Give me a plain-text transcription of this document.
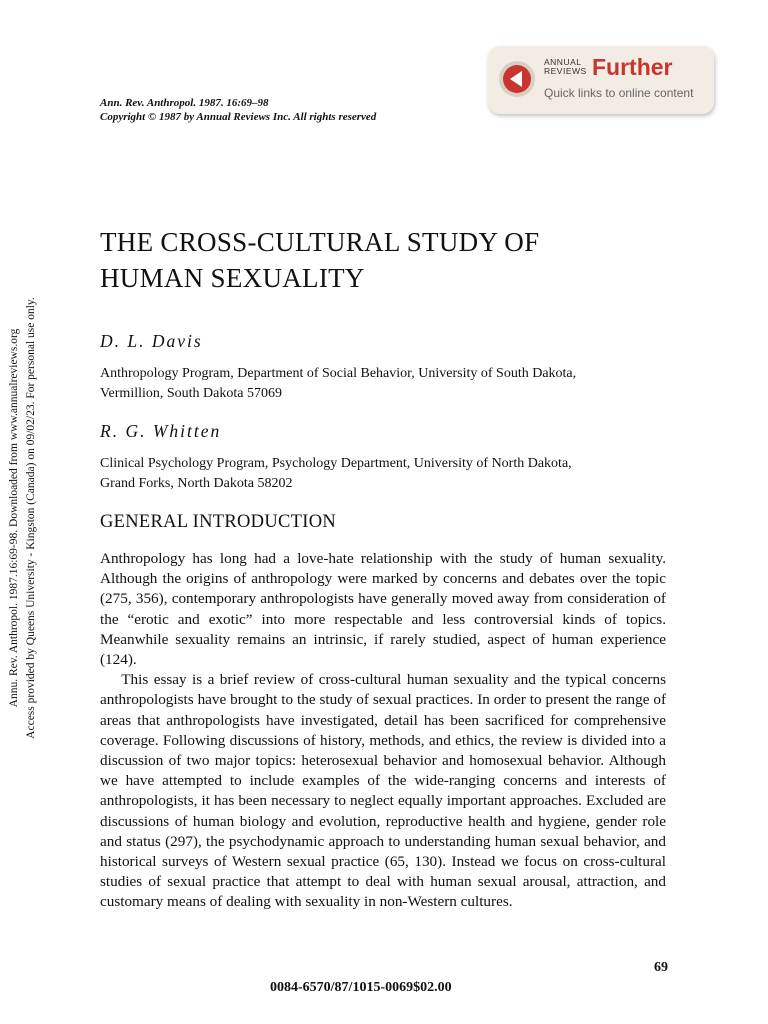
Annu. Rev. Anthropol. 1987.16:69-98. Downloaded from www.annualreviews.org Access provided by Queens University - Kingston (Canada) on 09/02/23. For personal use only.
Ann. Rev. Anthropol. 1987. 16:69–98
Copyright © 1987 by Annual Reviews Inc. All rights reserved
ANNUAL
REVIEWS Further
Quick links to online content
THE CROSS-CULTURAL STUDY OF
HUMAN SEXUALITY
D. L. Davis
Anthropology Program, Department of Social Behavior, University of South Dakota,
Vermillion, South Dakota 57069
R. G. Whitten
Clinical Psychology Program, Psychology Department, University of North Dakota,
Grand Forks, North Dakota 58202
GENERAL INTRODUCTION

Anthropology has long had a love-hate relationship with the study of human sexuality. Although the origins of anthropology were marked by concerns and debates over the topic (275, 356), contemporary anthropologists have generally moved away from consideration of the “erotic and exotic” into more respectable and less controversial kinds of topics. Meanwhile sexuality remains an intrinsic, if rarely studied, aspect of human experience (124).

This essay is a brief review of cross-cultural human sexuality and the typical concerns anthropologists have brought to the study of sexual practices. In order to present the range of areas that anthropologists have investigated, detail has been sacrificed for comprehensive coverage. Following discussions of history, methods, and ethics, the review is divided into a discussion of two major topics: heterosexual behavior and homosexual behavior. Although we have attempted to include examples of the wide-ranging concerns and interests of anthropologists, it has been necessary to neglect equally important approaches. Excluded are discussions of human biology and evolution, reproductive health and hygiene, gender role and status (297), the psychodynamic approach to understanding human sexual behavior, and historical surveys of Western sexual practice (65, 130). Instead we focus on cross-cultural studies of sexual practice that attempt to deal with human sexual arousal, attraction, and customary means of dealing with sexuality in non-Western cultures.

69
0084-6570/87/1015-0069$02.00
